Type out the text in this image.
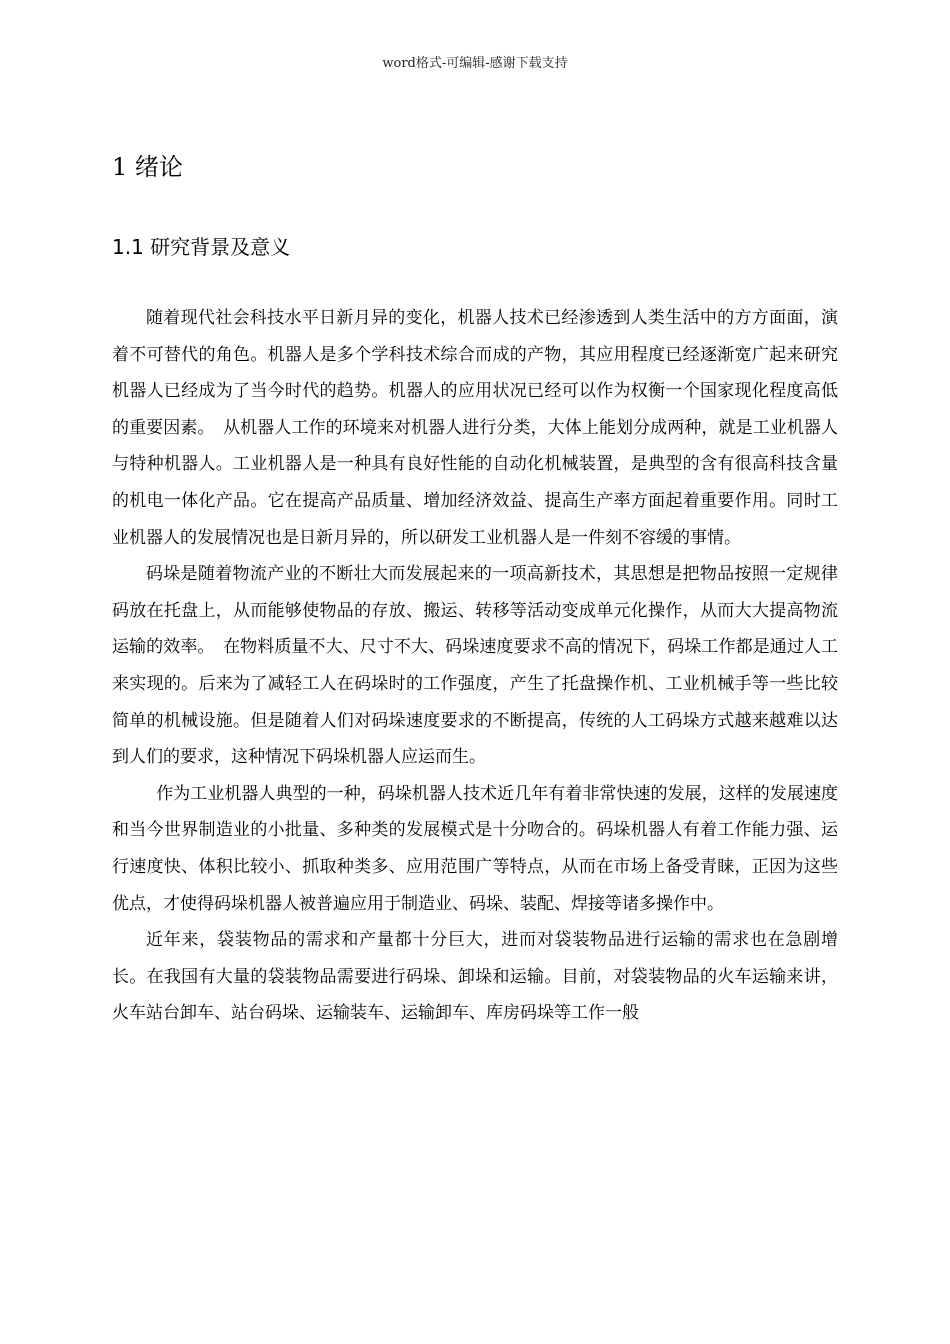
word格式-可编辑-感谢下载支持
1 绪论
1.1 研究背景及意义

随着现代社会科技水平日新月异的变化，机器人技术已经渗透到人类生活中的方方面面，演着不可替代的角色。机器人是多个学科技术综合而成的产物，其应用程度已经逐渐宽广起来研究机器人已经成为了当今时代的趋势。机器人的应用状况已经可以作为权衡一个国家现化程度高低的重要因素。　从机器人工作的环境来对机器人进行分类，大体上能划分成两种，就是工业机器人与特种机器人。工业机器人是一种具有良好性能的自动化机械装置，是典型的含有很高科技含量的机电一体化产品。它在提高产品质量、增加经济效益、提高生产率方面起着重要作用。同时工业机器人的发展情况也是日新月异的，所以研发工业机器人是一件刻不容缓的事情。

码垛是随着物流产业的不断壮大而发展起来的一项高新技术，其思想是把物品按照一定规律码放在托盘上，从而能够使物品的存放、搬运、转移等活动变成单元化操作，从而大大提高物流运输的效率。　在物料质量不大、尺寸不大、码垛速度要求不高的情况下，码垛工作都是通过人工来实现的。后来为了减轻工人在码垛时的工作强度，产生了托盘操作机、工业机械手等一些比较简单的机械设施。但是随着人们对码垛速度要求的不断提高，传统的人工码垛方式越来越难以达到人们的要求，这种情况下码垛机器人应运而生。

作为工业机器人典型的一种，码垛机器人技术近几年有着非常快速的发展，这样的发展速度和当今世界制造业的小批量、多种类的发展模式是十分吻合的。码垛机器人有着工作能力强、运行速度快、体积比较小、抓取种类多、应用范围广等特点，从而在市场上备受青睐，正因为这些优点，才使得码垛机器人被普遍应用于制造业、码垛、装配、焊接等诸多操作中。

近年来，袋装物品的需求和产量都十分巨大，进而对袋装物品进行运输的需求也在急剧增长。在我国有大量的袋装物品需要进行码垛、卸垛和运输。目前，对袋装物品的火车运输来讲，火车站台卸车、站台码垛、运输装车、运输卸车、库房码垛等工作一般
